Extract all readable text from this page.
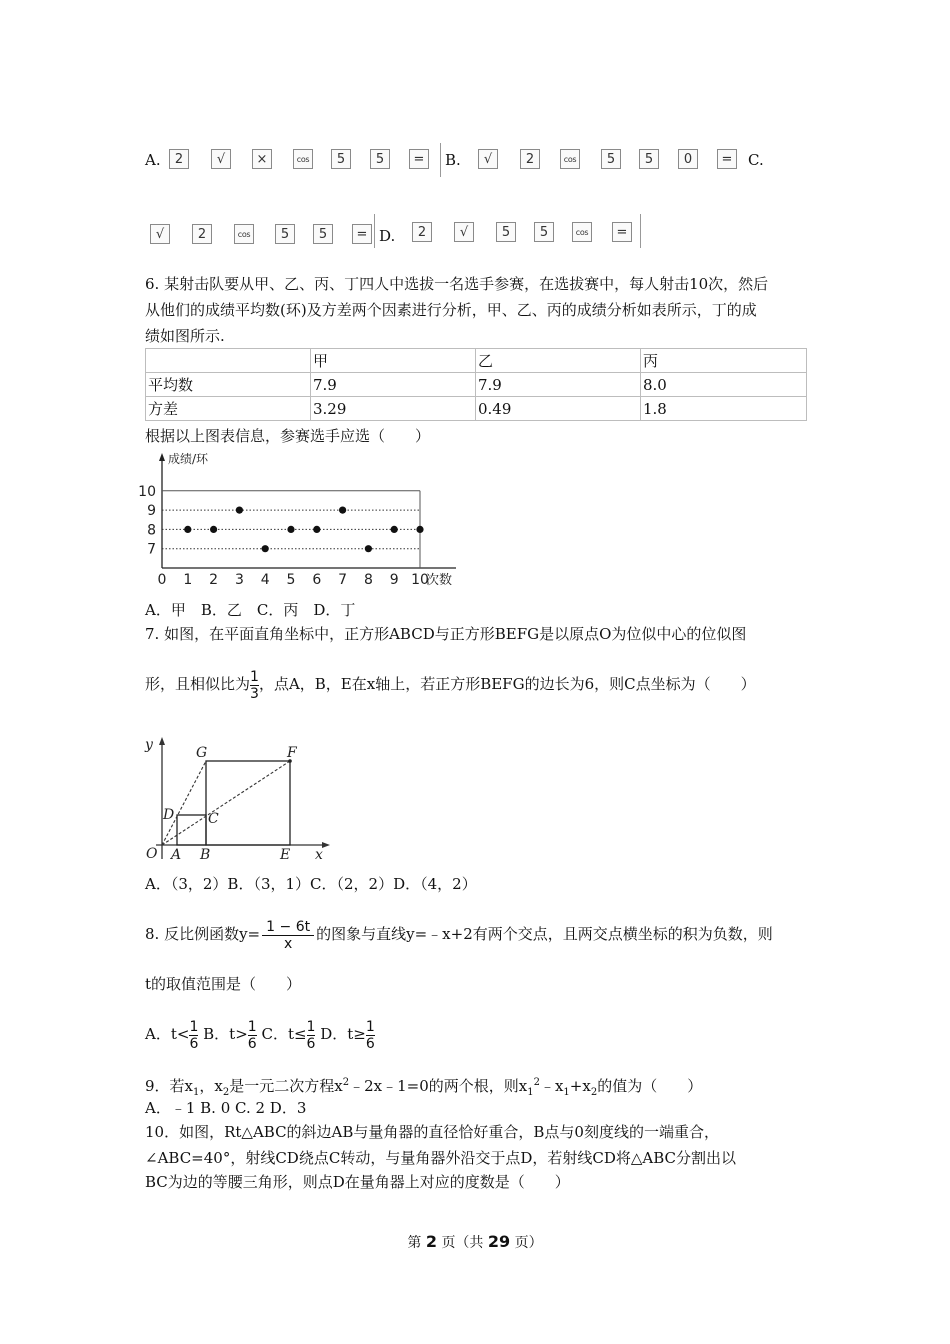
A.	2	√	×	cos	5	5	=	B.	√	2	cos	5	5	0	=	C.
√	2	cos	5	5	= D.	2	√	5	5	cos	=
6. 某射击队要从甲、乙、丙、丁四人中选拔一名选手参赛，在选拔赛中，每人射击10次，然后
从他们的成绩平均数(环)及方差两个因素进行分析，甲、乙、丙的成绩分析如表所示，丁的成
绩如图所示.
	甲	乙	丙
平均数	7.9	7.9	8.0
方差	3.29	0.49	1.8
根据以上图表信息，参赛选手应选（　　）
7
8
9
10
0 1 2 3 4 5 6 7 8 9 10
成绩/环
次数
A．甲　B．乙　C．丙　D．丁
7. 如图，在平面直角坐标中，正方形ABCD与正方形BEFG是以原点O为位似中心的位似图
形，且相似比为 $\frac{1}{3}$ ，点A，B，E在x轴上，若正方形BEFG的边长为6，则C点坐标为（　　）
y
x
O A B	E
C
D
G	F
A．（3，2）B．（3，1）C．（2，2）D．（4，2）
8. 反比例函数$y= \frac{1 - 6t}{x}$ 的图象与直线y=﹣x+2有两个交点，且两交点横坐标的积为负数，则
t的取值范围是（　　）
A．$t< \frac{1}{6}$ B．$t> \frac{1}{6}$ C．$t\le \frac{1}{6}$ D．$t\ge \frac{1}{6}$
9．若$x_1$，$x_2$是一元二次方程$x^2﹣2x﹣1=0$的两个根，则$x_1^2﹣x_1+x_2$的值为（　　）
A．﹣1 B. 0 C. 2 D．3
10．如图，Rt△ABC的斜边AB与量角器的直径恰好重合，B点与0刻度线的一端重合，
∠ABC=40°，射线CD绕点C转动，与量角器外沿交于点D，若射线CD将△ABC分割出以
BC为边的等腰三角形，则点D在量角器上对应的度数是（　　）
第 2 页（共 29 页）
